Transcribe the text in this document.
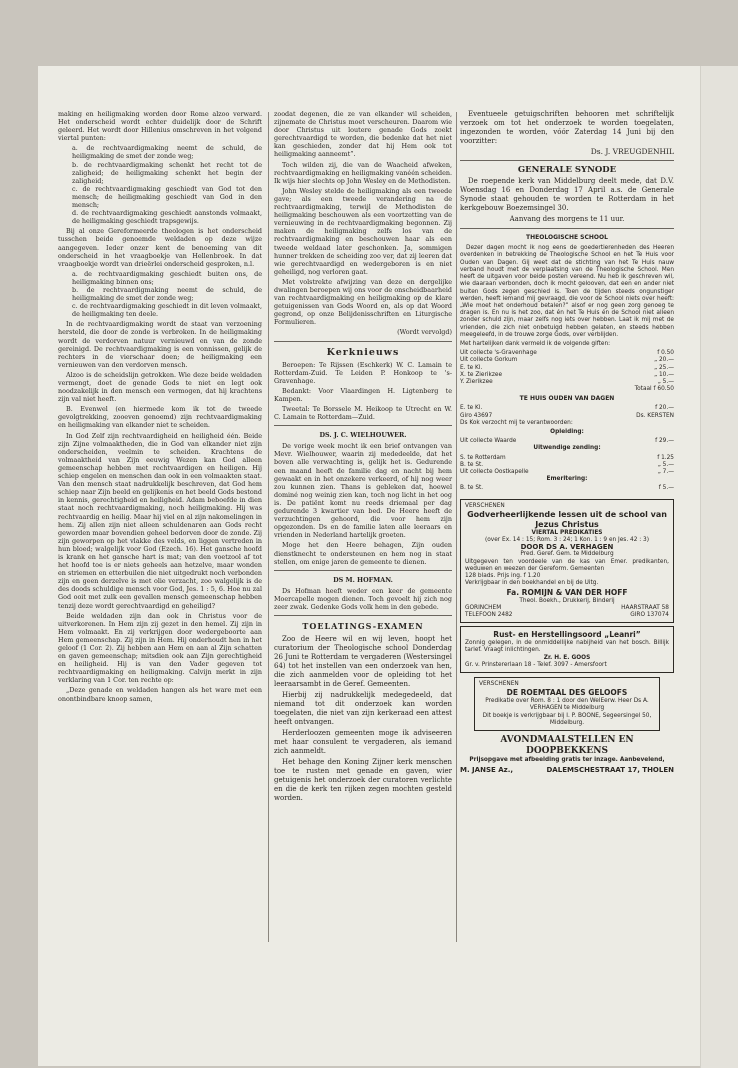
making en heiligmaking worden door Rome alzoo verward. Het onderscheid wordt echter duidelijk door de Schrift geleerd. Het wordt door Hillenius omschreven in het volgend viertal punten:

a. de rechtvaardigmaking neemt de schuld, de heiligmaking de smet der zonde weg;
b. de rechtvaardigmaking schenkt het recht tot de zaligheid; de heiligmaking schenkt het begin der zaligheid;
c. de rechtvaardigmaking geschiedt van God tot den mensch; de heiligmaking geschiedt van God in den mensch;
d. de rechtvaardigmaking geschiedt aanstonds volmaakt, de heiligmaking geschiedt trapsgewijs.

Bij al onze Gereformeerde theologen is het onderscheid tusschen beide genoemde weldaden op deze wijze aangegeven. Ieder onzer kent de benoeming van dit onderscheid in het vraagboekje van Hellenbroek. In dat vraagboekje wordt van drieërlei onderscheid gesproken, n.l.

a. de rechtvaardigmaking geschiedt buiten ons, de heiligmaking binnen ons;
b. de rechtvaardigmaking neemt de schuld, de heiligmaking de smet der zonde weg;
c. de rechtvaardigmaking geschiedt in dit leven volmaakt, de heiligmaking ten deele.

In de rechtvaardigmaking wordt de staat van verzoening hersteld, die door de zonde is verbroken. In de heiligmaking wordt de verdorven natuur vernieuwd en van de zonde gereinigd. De rechtvaardigmaking is een vonnissen, gelijk de rechters in de vierschaar doen; de heiligmaking een vernieuwen van den verdorven mensch.

Alzoo is de scheidslijn getrokken. Wie deze beide weldaden vermengt, doet de genade Gods te niet en legt ook noodzakelijk in den mensch een vermogen, dat hij krachtens zijn val niet heeft.

B. Evenwel (en hiermede kom ik tot de tweede gevolgtrekking, zooeven genoemd) zijn rechtvaardigmaking en heiligmaking van elkander niet te scheiden.

In God Zelf zijn rechtvaardigheid en heiligheid één. Beide zijn Zijne volmaaktheden, die in God van elkander niet zijn onderscheiden, veelmin te scheiden. Krachtens de volmaaktheid van Zijn eeuwig Wezen kan God alleen gemeenschap hebben met rechtvaardigen en heiligen. Hij schiep engelen en menschen dan ook in een volmaakten staat. Van den mensch staat nadrukkelijk beschreven, dat God hem schiep naar Zijn beeld en gelijkenis en het beeld Gods bestond in kennis, gerechtigheid en heiligheid. Adam beboefde in dien staat noch rechtvaardigmaking, noch heiligmaking. Hij was rechtvaardig en heilig. Maar hij viel en al zijn nakomelingen in hem. Zij allen zijn niet alleen schuldenaren aan Gods recht geworden maar bovendien geheel bedorven door de zonde. Zij zijn geworpen op het vlakke des velds, en liggen vertreden in hun bloed; walgelijk voor God (Ezech. 16). Het gansche hoofd is krank en het gansche hart is mat; van den voetzool af tot het hoofd toe is er niets geheels aan hetzelve, maar wonden en striemen en etterbuilen die niet uitgedrukt noch verbonden zijn en geen derzelve is met olie verzacht, zoo walgelijk is de des doods schuldige mensch voor God, Jes. 1 : 5, 6. Hoe nu zal God ooit met zulk een gevallen mensch gemeenschap hebben tenzij deze wordt gerechtvaardigd en geheiligd?

Beide weldaden zijn dan ook in Christus voor de uitverkorenen. In Hem zijn zij gezet in den hemel. Zij zijn in Hem volmaakt. En zij verkrijgen door wedergeboorte aan Hem gemeenschap. Zij zijn in Hem. Hij onderhoudt hen in het geloof (1 Cor. 2). Zij hebben aan Hem en aan al Zijn schatten en gaven gemeenschap; mitsdien ook aan Zijn gerechtigheid en heiligheid. Hij is van den Vader gegeven tot rechtvaardigmaking en heiligmaking. Calvijn merkt in zijn verklaring van 1 Cor. ten rechte op:

„Deze genade en weldaden hangen als het ware met een onontbindbare knoop samen,

zoodat degenen, die ze van elkander wil scheiden, zijnemate de Christus moet verscheuren. Daarom wie door Christus uit loutere genade Gods zoekt gerechtvaardigd te worden, die bedenke dat het niet kan geschieden, zonder dat hij Hem ook tot heiligmaking aanneemt”.

Toch wilden zij, die van de Waacheid afweken, rechtvaardigmaking en heiligmaking vanéén scheiden. Ik wijs hier slechts op John Wesley en de Methodisten.

John Wesley stelde de heiligmaking als een tweede gave; als een tweede verandering na de rechtvaardigmaking, terwijl de Methodisten de heiligmaking beschouwen als een voortzetting van de vernieuwing in de rechtvaardigmaking begonnen. Zij maken de heiligmaking zelfs los van de rechtvaardigmaking en beschouwen haar als een tweede weldaad later geschonken. Ja, sommigen hunner trekken de scheiding zoo ver, dat zij leeren dat wie gerechtvaardigd en wedergeboren is en niet geheiligd, nog verloren gaat.

Met volstrekte afwijzing van deze en dergelijke dwalingen beroepen wij ons voor de onscheidbaarheid van rechtvaardigmaking en heiligmaking op de klare getuigenissen van Gods Woord en, als op dat Woord gegrond, op onze Belijdenisschriften en Liturgische Formulieren.

(Wordt vervolgd)

Kerknieuws

Beroepen: Te Rijssen (Eschkerk) W. C. Lamain te Rotterdam-Zuid. Te Leiden P. Honkoop te 's-Gravenhage.

Bedankt: Voor Vlaardingen H. Ligtenberg te Kampen.

Tweetal: Te Borssele M. Heikoop te Utrecht en W. C. Lamain te Rotterdam—Zuid.

DS. J. C. WIELHOUWER.

De vorige week mocht ik een brief ontvangen van Mevr. Wielhouwer, waarin zij mededeelde, dat het boven alle verwachting is, gelijk het is. Gedurende een maand heeft de familie dag en nacht bij hem gewaakt en in het onzekere verkeerd, of hij nog weer zou kunnen zien. Thans is gebleken dat, hoewel dominé nog weinig zien kan, toch nog licht in het oog is. De patiënt komt nu reeds driemaal per dag gedurende 3 kwartier van bed. De Heere heeft de verzuchtingen gehoord, die voor hem zijn opgezonden. Ds en de familie laten alle leeraars en vrienden in Nederland hartelijk groeten.

Moge het den Heere behagen, Zijn ouden dienstknecht te ondersteunen en hem nog in staat stellen, om enige jaren de gemeente te dienen.

DS M. HOFMAN.

Ds Hofman heeft weder een keer de gemeente Moercapelle mogen dienen. Toch gevoelt hij zich nog zeer zwak. Gedenke Gods volk hem in den gebede.

TOELATINGS-EXAMEN

Zoo de Heere wil en wij leven, hoopt het curatorium der Theologische school Donderdag 26 Juni te Rotterdam te vergaderen (Westersingel 64) tot het instellen van een onderzoek van hen, die zich aanmelden voor de opleiding tot het leeraarsambt in de Geref. Gemeenten.

Hierbij zij nadrukkelijk medegedeeld, dat niemand tot dit onderzoek kan worden toegelaten, die niet van zijn kerkeraad een attest heeft ontvangen.

Herderloozen gemeenten moge ik adviseeren met haar consulent te vergaderen, als iemand zich aanmeldt.

Het behage den Koning Zijner kerk menschen toe te rusten met genade en gaven, wier getuigenis het onderzoek der curatoren verlichte en die de kerk ten rijken zegen mochten gesteld worden.

Eventueele getuigschriften behooren met schriftelijk verzoek om tot het onderzoek te worden toegelaten, ingezonden te worden, vóór Zaterdag 14 Juni bij den voorzitter:

Ds. J. VREUGDENHIL

GENERALE SYNODE

De roepende kerk van Middelburg deelt mede, dat D.V. Woensdag 16 en Donderdag 17 April a.s. de Generale Synode staat gehouden te worden te Rotterdam in het kerkgebouw Boezemsingel 30.

Aanvang des morgens te 11 uur.

THEOLOGISCHE SCHOOL

Dezer dagen mocht ik nog eens de goedertierenheden des Heeren overdenken in betrekking de Theologische School en het Te Huis voor Ouden van Dagen. Gij weet dat de stichting van het Te Huis nauw verband houdt met de verplaatsing van de Theologische School. Men heeft de uitgaven voor beide posten vereend. Nu heb ik geschreven wil, wie daaraan verbonden, doch ik mocht gelooven, dat een en ander niet buiten Gods zegen geschied is. Toen de tijden steeds ongunstiger werden, heeft iemand mij gevraagd, die voor de School niets over heeft: „Wie moet het onderhoud betalen?” alsof er nog geen zorg genoeg te dragen is. En nu is het zoo, dat én het Te Huis én de School niet alleen zonder schuld zijn, maar zelfs nog iets over hebben. Laat ik mij met de vrienden, die zich niet onbetuigd hebben gelaten, en steeds hebben meegeleefd, in de trouwe zorge Gods, over verblijden.

Met hartelijken dank vermeld ik de volgende giften:

Uit collecte 's-Gravenhage	f 0.50
Uit collecte Gorkum	„ 20.—
E. te Kl.	„ 25.—
X. te Zierikzee	„ 10.—
Y. Zierikzee	„ 5.—

Totaal f 60.50

TE HUIS OUDEN VAN DAGEN

E. te Kl.	f 20.—
Giro 43697	Ds. KERSTEN

Ds Kok verzocht mij te verantwoorden:

Opleiding:

Uit collecte Waarde	f 29.—

Uitwendige zending:

S. te Rotterdam	f 1.25
B. te St.	„ 5.—
Uit collecte Oostkapelle	„ 7.—

Emeritering:

B. te St.	f 5.—
VERSCHENEN
Godverheerlijkende lessen uit de school van Jezus Christus
VIERTAL PREDIKATIES
(over Ex. 14 : 15; Rom. 3 : 24; 1 Kon. 1 : 9 en Jes. 42 : 3)
DOOR DS A. VERHAGEN
Pred. Geref. Gem. te Middelburg
Uitgegeven ten voordeele van de kas van Emer. predikanten, weduwen en weezen der Gereform. Gemeenten
128 blads. Prijs ing. f 1.20
Verkrijgbaar in den boekhandel en bij de Uitg.
Fa. ROMIJN & VAN DER HOFF
Theol. Boekh., Drukkerij, Binderij
GORINCHEM	HAARSTRAAT 58
TELEFOON 2482	GIRO 137074
Rust- en Herstellingsoord „Leanri”
Zonnig gelegen, in de onmiddellijke nabijheid van het bosch. Billijk tarief. Vraagt inlichtingen.
Zr. H. E. GOOS
Gr. v. Prinstererlaan 18 - Telef. 3097 - Amersfoort
VERSCHENEN
DE ROEMTAAL DES GELOOFS
Predikatie over Rom. 8 : 1 door den WelEerw. Heer Ds A. VERHAGEN te Middelburg
Dit boekje is verkrijgbaar bij I. P. BOONE, Segeersingel 50, Middelburg.
AVONDMAALSTELLEN EN DOOPBEKKENS
Prijsopgave met afbeelding gratis ter inzage. Aanbevelend,
M. JANSE Az.,	DALEMSCHESTRAAT 17, THOLEN
